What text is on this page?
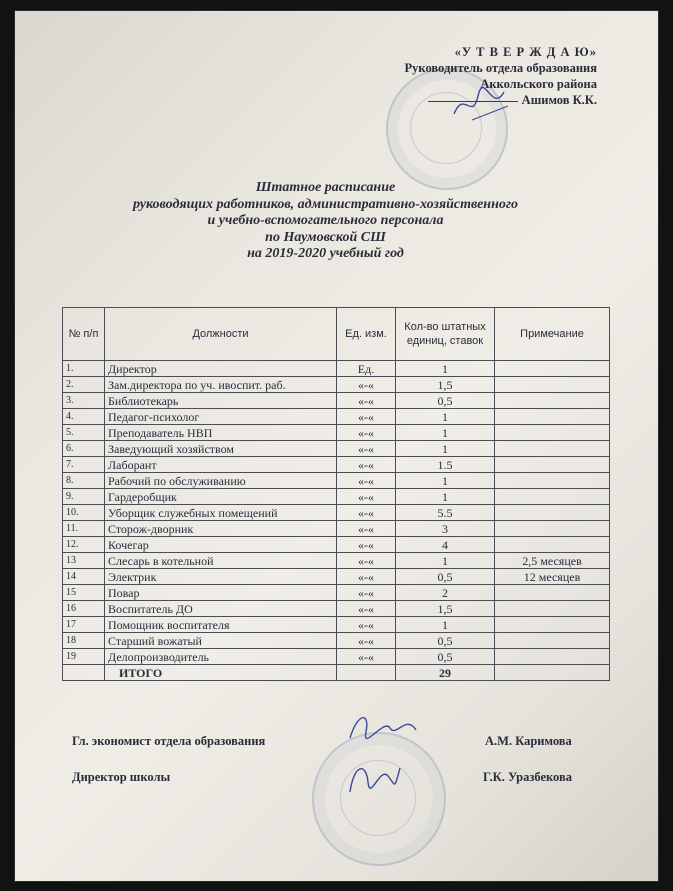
«У Т В Е Р Ж Д А Ю»
Руководитель отдела образования
Аккольского района
Ашимов К.К.
Штатное расписание
руководящих работников, административно-хозяйственного
и учебно-вспомогательного персонала
по Наумовской СШ
на 2019-2020 учебный год
№ п/п	Должности	Ед. изм.	Кол-во штатных единиц, ставок	Примечание
1.	Директор	Ед.	1	
2.	Зам.директора по уч. ивоспит. раб.	«-«	1,5	
3.	Библиотекарь	«-«	0,5	
4.	Педагог-психолог	«-«	1	
5.	Преподаватель НВП	«-«	1	
6.	Заведующий хозяйством	«-«	1	
7.	Лаборант	«-«	1.5	
8.	Рабочий по обслуживанию	«-«	1	
9.	Гардеробщик	«-«	1	
10.	Уборщик служебных помещений	«-«	5.5	
11.	Сторож-дворник	«-«	3	
12.	Кочегар	«-«	4	
13	Слесарь в котельной	«-«	1	2,5 месяцев
14	Электрик	«-«	0,5	12 месяцев
15	Повар	«-«	2	
16	Воспитатель ДО	«-«	1,5	
17	Помощник воспитателя	«-«	1	
18	Старший вожатый	«-«	0,5	
19	Делопроизводитель	«-«	0,5	
	ИТОГО		29	
Гл. экономист отдела образования	А.М. Каримова
Директор школы	Г.К. Уразбекова
